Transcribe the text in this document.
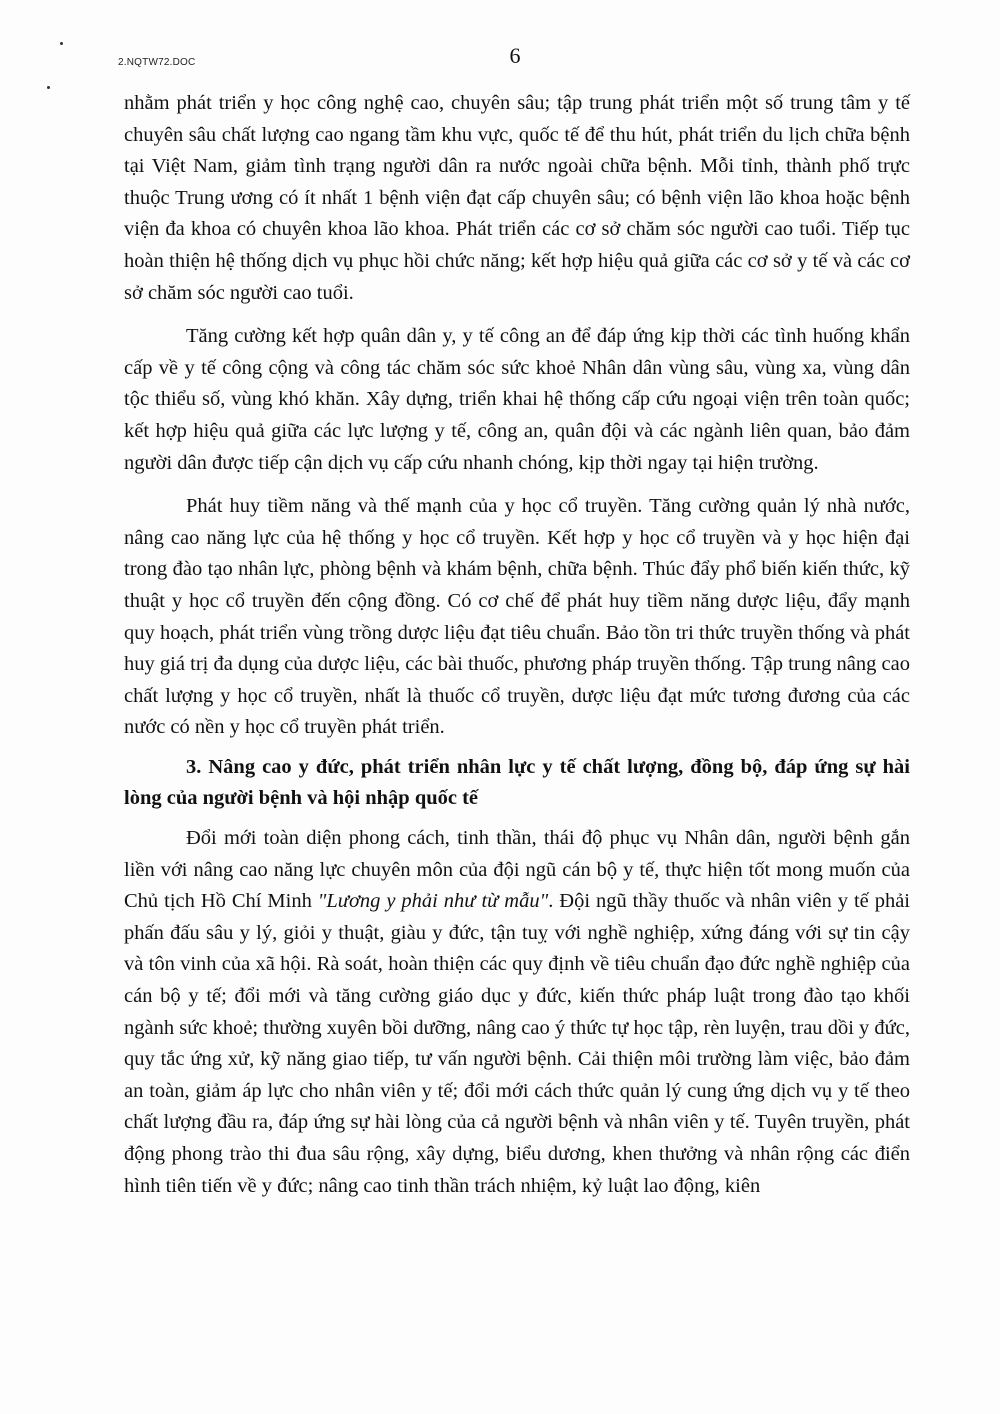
2.NQTW72.DOC	6

nhằm phát triển y học công nghệ cao, chuyên sâu; tập trung phát triển một số trung tâm y tế chuyên sâu chất lượng cao ngang tầm khu vực, quốc tế để thu hút, phát triển du lịch chữa bệnh tại Việt Nam, giảm tình trạng người dân ra nước ngoài chữa bệnh. Mỗi tỉnh, thành phố trực thuộc Trung ương có ít nhất 1 bệnh viện đạt cấp chuyên sâu; có bệnh viện lão khoa hoặc bệnh viện đa khoa có chuyên khoa lão khoa. Phát triển các cơ sở chăm sóc người cao tuổi. Tiếp tục hoàn thiện hệ thống dịch vụ phục hồi chức năng; kết hợp hiệu quả giữa các cơ sở y tế và các cơ sở chăm sóc người cao tuổi.

Tăng cường kết hợp quân dân y, y tế công an để đáp ứng kịp thời các tình huống khẩn cấp về y tế công cộng và công tác chăm sóc sức khoẻ Nhân dân vùng sâu, vùng xa, vùng dân tộc thiểu số, vùng khó khăn. Xây dựng, triển khai hệ thống cấp cứu ngoại viện trên toàn quốc; kết hợp hiệu quả giữa các lực lượng y tế, công an, quân đội và các ngành liên quan, bảo đảm người dân được tiếp cận dịch vụ cấp cứu nhanh chóng, kịp thời ngay tại hiện trường.

Phát huy tiềm năng và thế mạnh của y học cổ truyền. Tăng cường quản lý nhà nước, nâng cao năng lực của hệ thống y học cổ truyền. Kết hợp y học cổ truyền và y học hiện đại trong đào tạo nhân lực, phòng bệnh và khám bệnh, chữa bệnh. Thúc đẩy phổ biến kiến thức, kỹ thuật y học cổ truyền đến cộng đồng. Có cơ chế để phát huy tiềm năng dược liệu, đẩy mạnh quy hoạch, phát triển vùng trồng dược liệu đạt tiêu chuẩn. Bảo tồn tri thức truyền thống và phát huy giá trị đa dụng của dược liệu, các bài thuốc, phương pháp truyền thống. Tập trung nâng cao chất lượng y học cổ truyền, nhất là thuốc cổ truyền, dược liệu đạt mức tương đương của các nước có nền y học cổ truyền phát triển.

3. Nâng cao y đức, phát triển nhân lực y tế chất lượng, đồng bộ, đáp ứng sự hài lòng của người bệnh và hội nhập quốc tế

Đổi mới toàn diện phong cách, tinh thần, thái độ phục vụ Nhân dân, người bệnh gắn liền với nâng cao năng lực chuyên môn của đội ngũ cán bộ y tế, thực hiện tốt mong muốn của Chủ tịch Hồ Chí Minh "Lương y phải như từ mẫu". Đội ngũ thầy thuốc và nhân viên y tế phải phấn đấu sâu y lý, giỏi y thuật, giàu y đức, tận tuỵ với nghề nghiệp, xứng đáng với sự tin cậy và tôn vinh của xã hội. Rà soát, hoàn thiện các quy định về tiêu chuẩn đạo đức nghề nghiệp của cán bộ y tế; đổi mới và tăng cường giáo dục y đức, kiến thức pháp luật trong đào tạo khối ngành sức khoẻ; thường xuyên bồi dưỡng, nâng cao ý thức tự học tập, rèn luyện, trau dồi y đức, quy tắc ứng xử, kỹ năng giao tiếp, tư vấn người bệnh. Cải thiện môi trường làm việc, bảo đảm an toàn, giảm áp lực cho nhân viên y tế; đổi mới cách thức quản lý cung ứng dịch vụ y tế theo chất lượng đầu ra, đáp ứng sự hài lòng của cả người bệnh và nhân viên y tế. Tuyên truyền, phát động phong trào thi đua sâu rộng, xây dựng, biểu dương, khen thưởng và nhân rộng các điển hình tiên tiến về y đức; nâng cao tinh thần trách nhiệm, kỷ luật lao động, kiên
